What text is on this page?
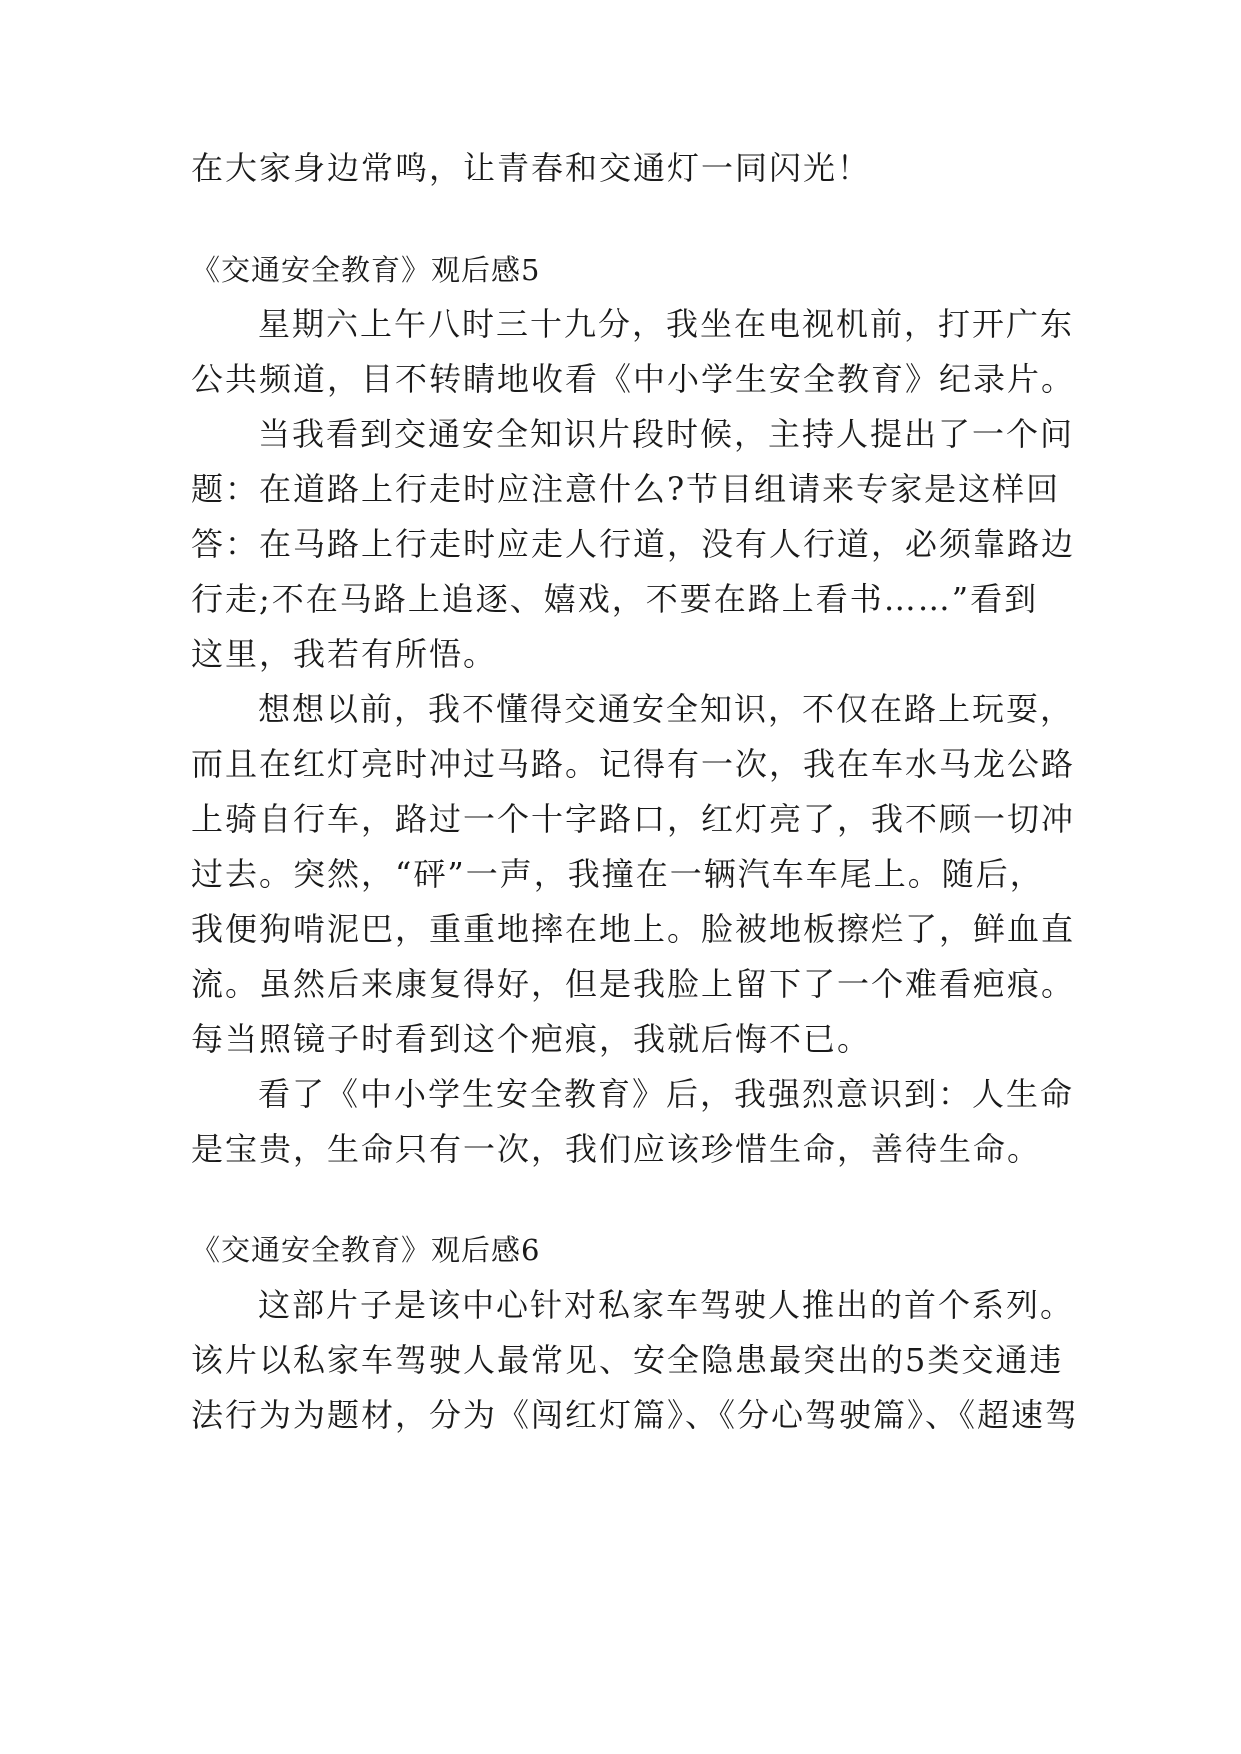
在大家身边常鸣，让青春和交通灯一同闪光！

《交通安全教育》观后感5

星期六上午八时三十九分，我坐在电视机前，打开广东

公共频道，目不转睛地收看《中小学生安全教育》纪录片。

当我看到交通安全知识片段时候，主持人提出了一个问

题：在道路上行走时应注意什么?节目组请来专家是这样回

答：在马路上行走时应走人行道，没有人行道，必须靠路边

行走;不在马路上追逐、嬉戏，不要在路上看书……”看到

这里，我若有所悟。

想想以前，我不懂得交通安全知识，不仅在路上玩耍，

而且在红灯亮时冲过马路。记得有一次，我在车水马龙公路

上骑自行车，路过一个十字路口，红灯亮了，我不顾一切冲

过去。突然，“砰”一声，我撞在一辆汽车车尾上。随后，

我便狗啃泥巴，重重地摔在地上。脸被地板擦烂了，鲜血直

流。虽然后来康复得好，但是我脸上留下了一个难看疤痕。

每当照镜子时看到这个疤痕，我就后悔不已。

看了《中小学生安全教育》后，我强烈意识到：人生命

是宝贵，生命只有一次，我们应该珍惜生命，善待生命。

《交通安全教育》观后感6

这部片子是该中心针对私家车驾驶人推出的首个系列。

该片以私家车驾驶人最常见、安全隐患最突出的5类交通违

法行为为题材，分为《闯红灯篇》、《分心驾驶篇》、《超速驾
